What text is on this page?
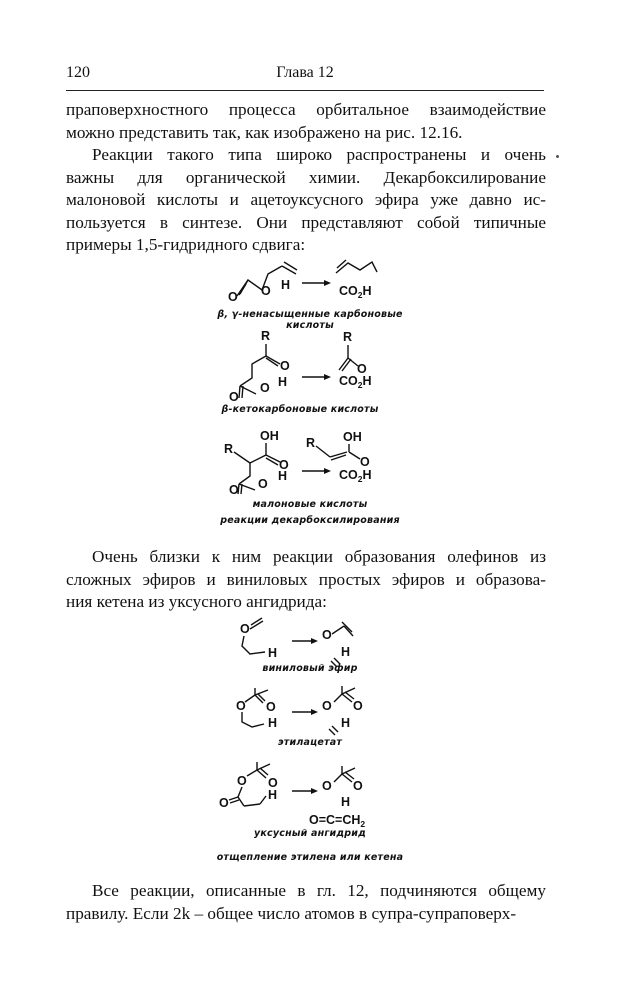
120	Глава 12
праповерхностного процесса орбитальное взаимодействие
можно представить так, как изображено на рис. 12.16.
Реакции такого типа широко распространены и очень
важны для органической химии. Декарбоксилирование
малоновой кислоты и ацетоуксусного эфира уже давно ис-
пользуется в синтезе. Они представляют собой типичные
примеры 1,5-гидридного сдвига:
O O H	$CO_2H$
R
O
O
O H
R
O
$CO_2H$
OH
O
R
O O
H
R OH
O
$CO_2H$
β, γ-ненасыщенные карбоновые кислоты
β-кетокарбоновые кислоты
малоновые кислоты
реакции декарбоксилирования
Очень близки к ним реакции образования олефинов из
сложных эфиров и виниловых простых эфиров и образова-
ния кетена из уксусного ангидрида:
O
H
O
H
O
O
H
O O
H
O
O
O
H
O O
H
$O=C=CH_2$
виниловый эфир
этилацетат
уксусный ангидрид
отщепление этилена или кетена
Все реакции, описанные в гл. 12, подчиняются общему
правилу. Если 2k – общее число атомов в супра-супраповерх-
